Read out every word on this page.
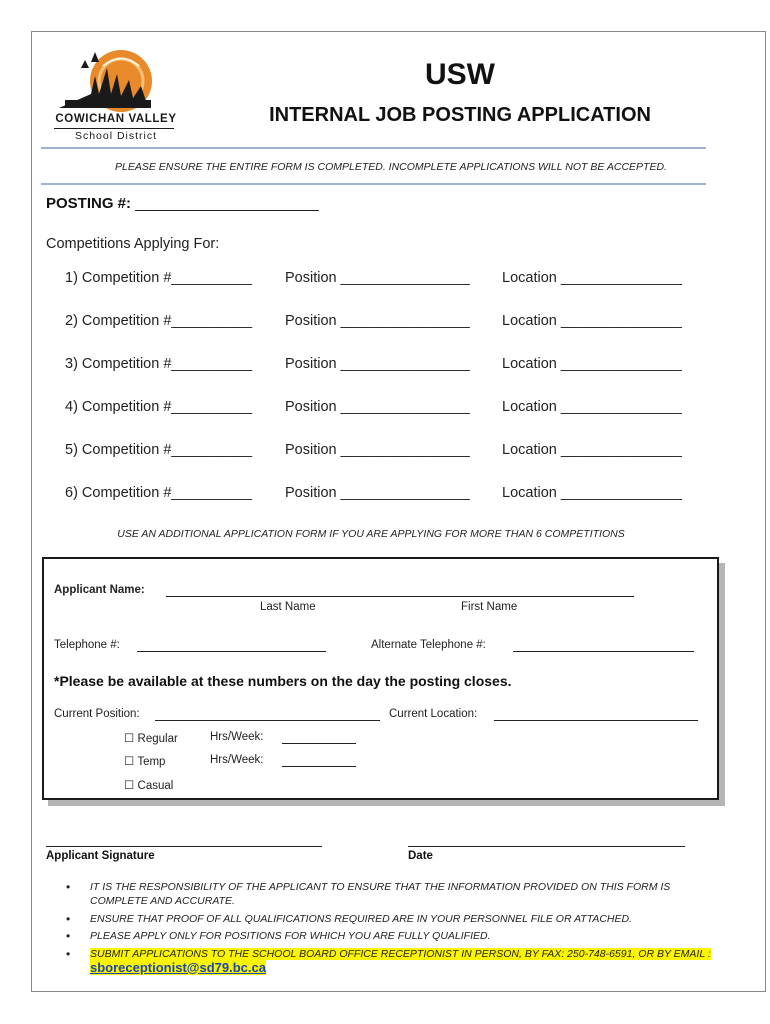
COWICHAN VALLEY
School District
USW
INTERNAL JOB POSTING APPLICATION
PLEASE ENSURE THE ENTIRE FORM IS COMPLETED. INCOMPLETE APPLICATIONS WILL NOT BE ACCEPTED.
POSTING #: ______________________
Competitions Applying For:
1) Competition #__________ Position ________________ Location _______________
2) Competition #__________ Position ________________ Location _______________
3) Competition #__________ Position ________________ Location _______________
4) Competition #__________ Position ________________ Location _______________
5) Competition #__________ Position ________________ Location _______________
6) Competition #__________ Position ________________ Location _______________
USE AN ADDITIONAL APPLICATION FORM IF YOU ARE APPLYING FOR MORE THAN 6 COMPETITIONS
Applicant Name:
Last Name	First Name
Telephone #:	Alternate Telephone #:
*Please be available at these numbers on the day the posting closes.
Current Position:	Current Location:
☐ Regular	Hrs/Week:
☐ Temp	Hrs/Week:
☐ Casual
Applicant Signature	Date
• IT IS THE RESPONSIBILITY OF THE APPLICANT TO ENSURE THAT THE INFORMATION PROVIDED ON THIS FORM IS COMPLETE AND ACCURATE.
• ENSURE THAT PROOF OF ALL QUALIFICATIONS REQUIRED ARE IN YOUR PERSONNEL FILE OR ATTACHED.
• PLEASE APPLY ONLY FOR POSITIONS FOR WHICH YOU ARE FULLY QUALIFIED.
• SUBMIT APPLICATIONS TO THE SCHOOL BOARD OFFICE RECEPTIONIST IN PERSON, BY FAX: 250-748-6591, OR BY EMAIL : sboreceptionist@sd79.bc.ca
